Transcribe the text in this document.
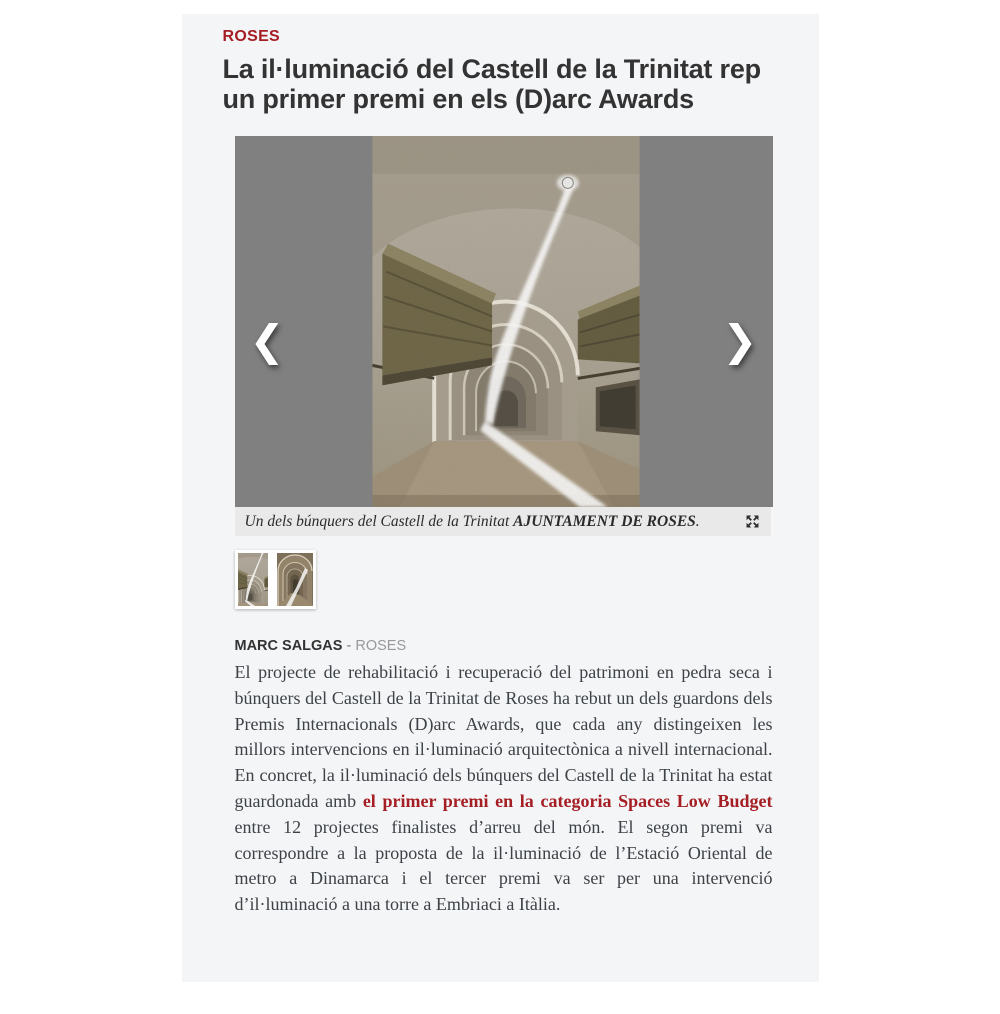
ROSES
La il·luminació del Castell de la Trinitat rep un primer premi en els (D)arc Awards
❮	❯
Un dels búnquers del Castell de la Trinitat AJUNTAMENT DE ROSES.
MARC SALGAS - ROSES

El projecte de rehabilitació i recuperació del patrimoni en pedra seca i búnquers del Castell de la Trinitat de Roses ha rebut un dels guardons dels Premis Internacionals (D)arc Awards, que cada any distingeixen les millors intervencions en il·luminació arquitectònica a nivell internacional. En concret, la il·luminació dels búnquers del Castell de la Trinitat ha estat guardonada amb el primer premi en la categoria Spaces Low Budget entre 12 projectes finalistes d’arreu del món. El segon premi va correspondre a la proposta de la il·luminació de l’Estació Oriental de metro a Dinamarca i el tercer premi va ser per una intervenció d’il·luminació a una torre a Embriaci a Itàlia.
